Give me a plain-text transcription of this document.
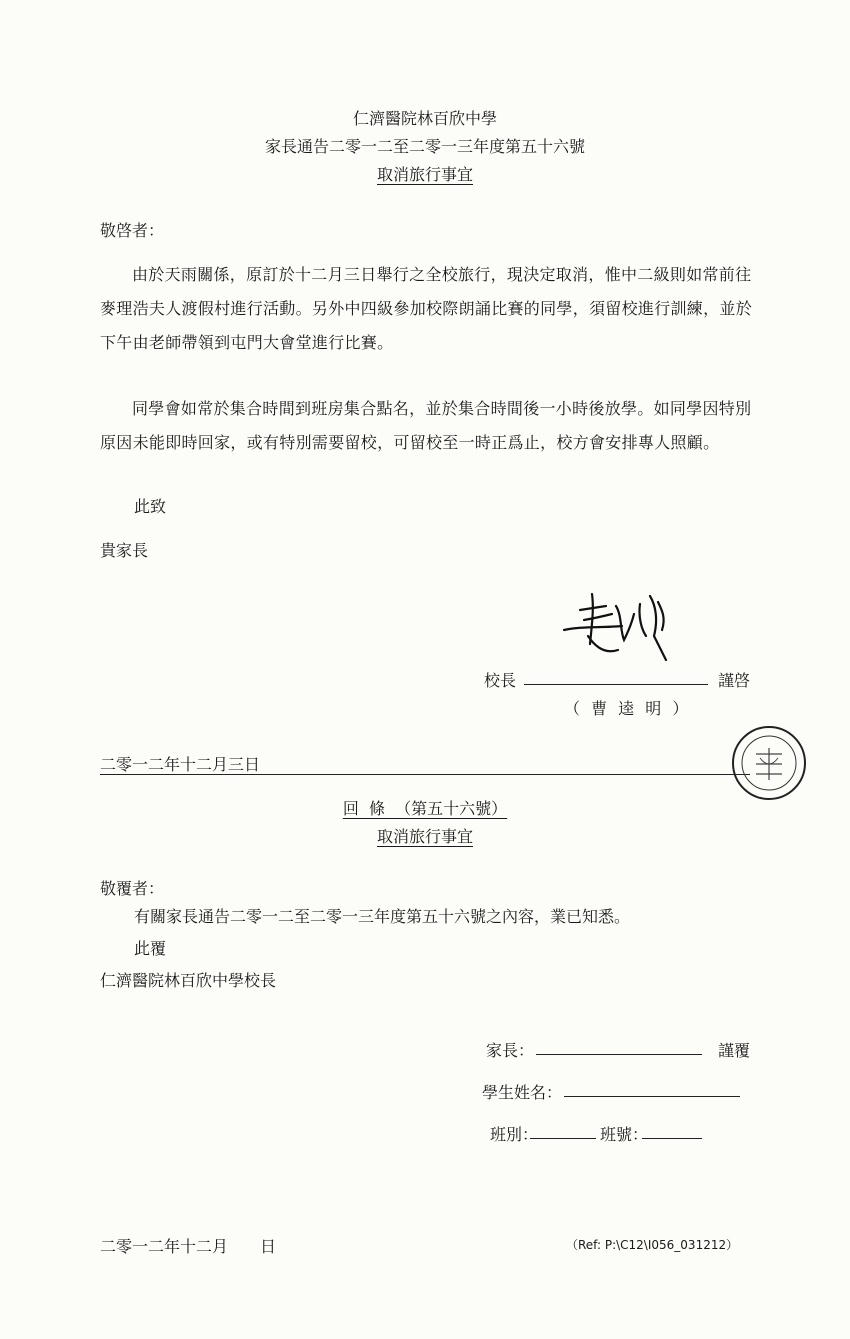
仁濟醫院林百欣中學
家長通告二零一二至二零一三年度第五十六號
取消旅行事宜
敬啓者：
由於天雨關係，原訂於十二月三日舉行之全校旅行，現決定取消，惟中二級則如常前往麥理浩夫人渡假村進行活動。另外中四級參加校際朗誦比賽的同學，須留校進行訓練，並於下午由老師帶領到屯門大會堂進行比賽。
同學會如常於集合時間到班房集合點名，並於集合時間後一小時後放學。如同學因特別原因未能即時回家，或有特別需要留校，可留校至一時正爲止，校方會安排專人照顧。
此致
貴家長
校長	謹啓
（ 曹 逵 明 ）
二零一二年十二月三日
回  條  （第五十六號）
取消旅行事宜
敬覆者：
有關家長通告二零一二至二零一三年度第五十六號之內容，業已知悉。
此覆
仁濟醫院林百欣中學校長
家長：	謹覆
學生姓名：
班別：	班號：
二零一二年十二月 日	（Ref: P:\C12\I056_031212）
